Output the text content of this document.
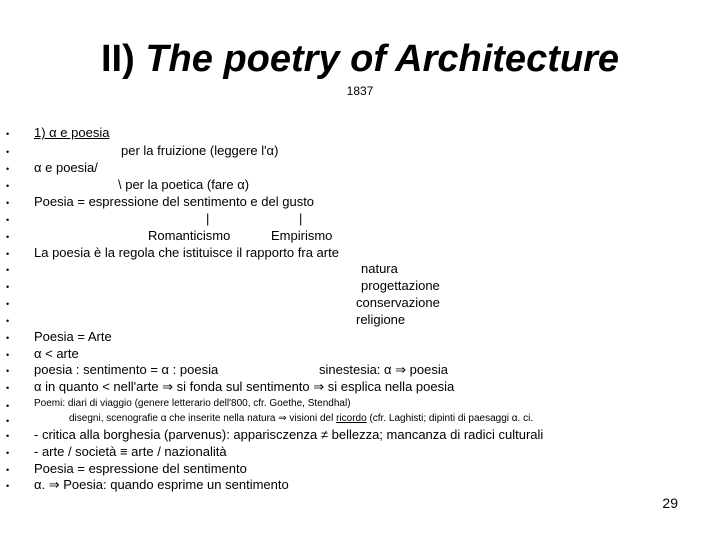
II) The poetry of Architecture
1837
•
•
•
•
•
•
•
•
•
•
•
•
•
•
•
•
•
•
•
•
•
•
1) α e poesia
per la fruizione (leggere l'α)
α e poesia/
\ per la poetica (fare α)
Poesia = espressione del sentimento e del gusto
|	|
Romanticismo	Empirismo
La poesia è la regola che istituisce il rapporto fra arte
natura
progettazione
conservazione
religione
Poesia = Arte
α < arte
poesia : sentimento = α : poesia	sinestesia: α ⇒ poesia
α in quanto < nell'arte ⇒ si fonda sul sentimento ⇒ si esplica nella poesia
Poemi: diari di viaggio (genere letterario dell'800, cfr. Goethe, Stendhal)
disegni, scenografie α che inserite nella natura ⇒ visioni del ricordo (cfr. Laghisti; dipinti di paesaggi α. ci.
- critica alla borghesia (parvenus): apparisczenza ≠ bellezza; mancanza di radici culturali
- arte / società ≡ arte / nazionalità
Poesia = espressione del sentimento
α. ⇒ Poesia: quando esprime un sentimento
29
